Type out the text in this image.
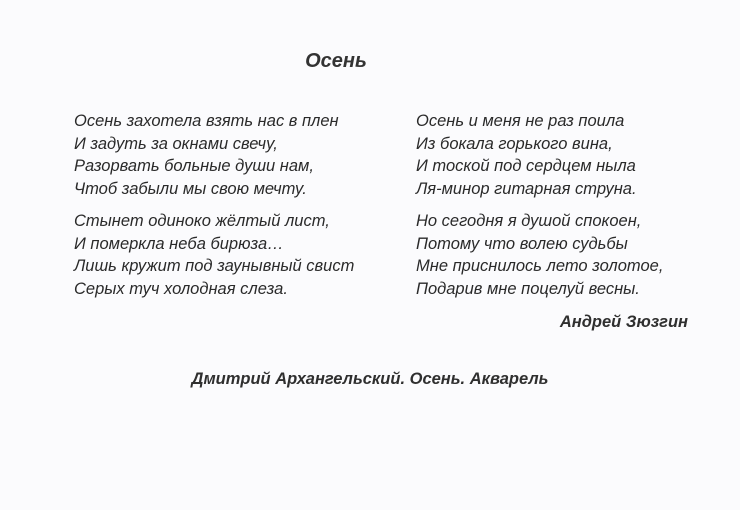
Осень
Осень захотела взять нас в плен
И задуть за окнами свечу,
Разорвать больные души нам,
Чтоб забыли мы свою мечту.
Стынет одиноко жёлтый лист,
И померкла неба бирюза…
Лишь кружит под заунывный свист
Серых туч холодная слеза.
Осень и меня не раз поила
Из бокала горького вина,
И тоской под сердцем ныла
Ля-минор гитарная струна.
Но сегодня я душой спокоен,
Потому что волею судьбы
Мне приснилось лето золотое,
Подарив мне поцелуй весны.
Андрей Зюзгин
Дмитрий Архангельский. Осень. Акварель
